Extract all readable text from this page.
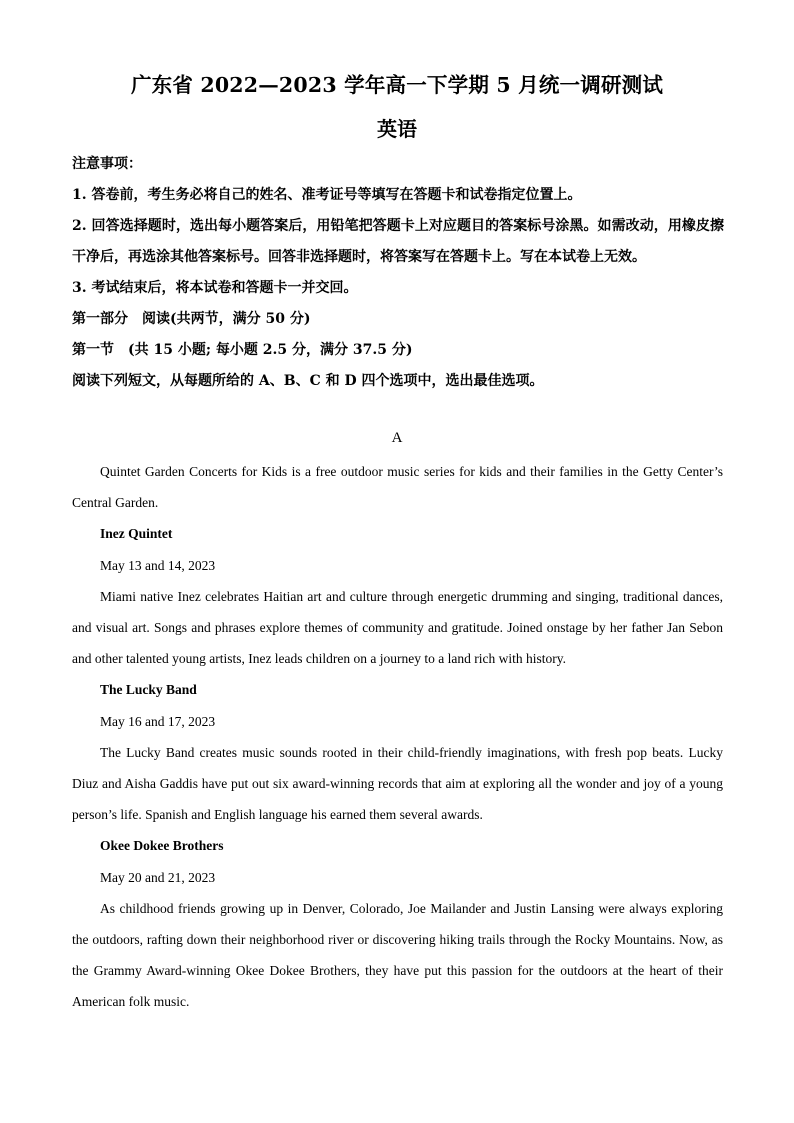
广东省 2022—2023 学年高一下学期 5 月统一调研测试
英语

注意事项：

1. 答卷前，考生务必将自己的姓名、准考证号等填写在答题卡和试卷指定位置上。

2. 回答选择题时，选出每小题答案后，用铅笔把答题卡上对应题目的答案标号涂黑。如需改动，用橡皮擦干净后，再选涂其他答案标号。回答非选择题时，将答案写在答题卡上。写在本试卷上无效。

3. 考试结束后，将本试卷和答题卡一并交回。

第一部分　阅读(共两节，满分 50 分)

第一节　(共 15 小题; 每小题 2.5 分，满分 37.5 分)

阅读下列短文，从每题所给的 A、B、C 和 D 四个选项中，选出最佳选项。

A

Quintet Garden Concerts for Kids is a free outdoor music series for kids and their families in the Getty Center’s Central Garden.

Inez Quintet

May 13 and 14, 2023

Miami native Inez celebrates Haitian art and culture through energetic drumming and singing, traditional dances, and visual art. Songs and phrases explore themes of community and gratitude. Joined onstage by her father Jan Sebon and other talented young artists, Inez leads children on a journey to a land rich with history.

The Lucky Band

May 16 and 17, 2023

The Lucky Band creates music sounds rooted in their child-friendly imaginations, with fresh pop beats. Lucky Diuz and Aisha Gaddis have put out six award-winning records that aim at exploring all the wonder and joy of a young person’s life. Spanish and English language his earned them several awards.

Okee Dokee Brothers

May 20 and 21, 2023

As childhood friends growing up in Denver, Colorado, Joe Mailander and Justin Lansing were always exploring the outdoors, rafting down their neighborhood river or discovering hiking trails through the Rocky Mountains. Now, as the Grammy Award-winning Okee Dokee Brothers, they have put this passion for the outdoors at the heart of their American folk music.
